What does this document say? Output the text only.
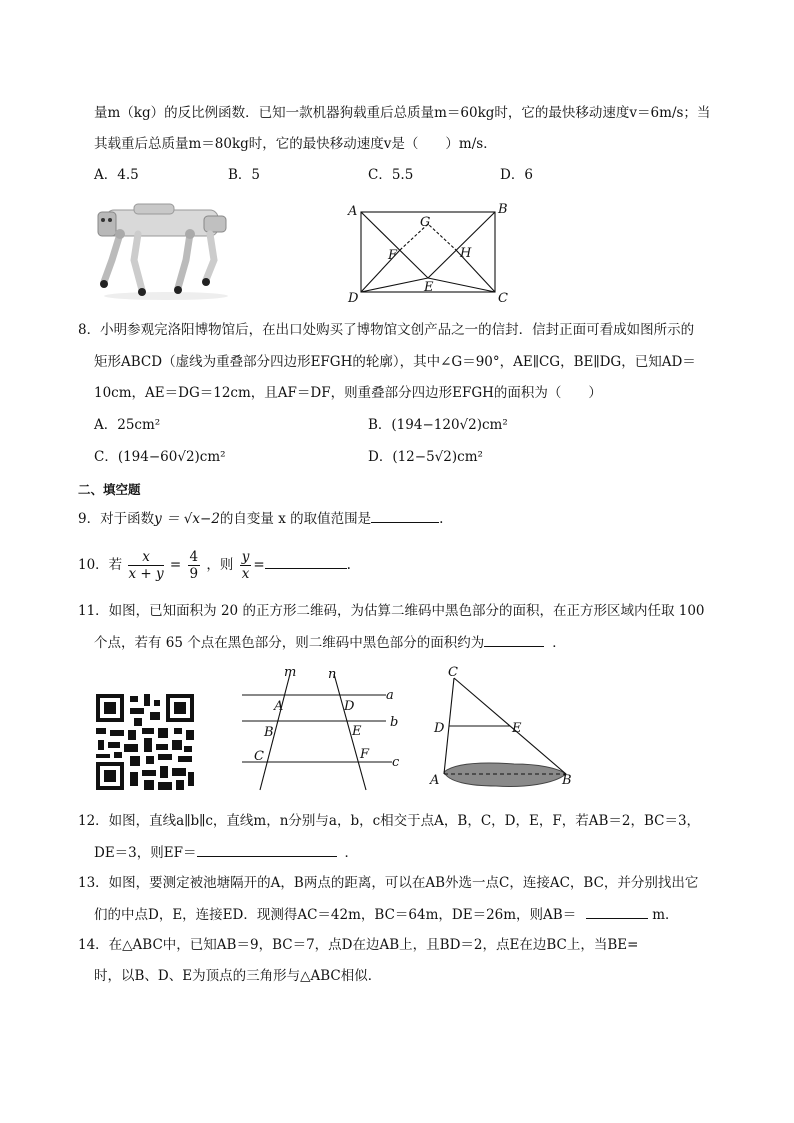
量m（kg）的反比例函数．已知一款机器狗载重后总质量m＝60kg时，它的最快移动速度v＝6m/s；当
其载重后总质量m＝80kg时，它的最快移动速度v是（　　）m/s．
A．4.5	B．5	C．5.5	D．6
A	B
C
D
E
F
G
H
8．小明参观完洛阳博物馆后，在出口处购买了博物馆文创产品之一的信封．信封正面可看成如图所示的
矩形ABCD（虚线为重叠部分四边形EFGH的轮廓），其中∠G＝90°，AE∥CG，BE∥DG，已知AD＝
10cm，AE＝DG＝12cm，且AF＝DF，则重叠部分四边形EFGH的面积为（　　）
A．25cm²	B．(194−120√2)cm²
C．(194−60√2)cm²	D．(12−5√2)cm²
二、填空题
9．对于函数y ＝ √x−2的自变量 x 的取值范围是	.
10．若 $\frac{x}{x + y} = \frac{4}{9}$ ，则 $\frac{y}{x}$ =	.
11．如图，已知面积为 20 的正方形二维码，为估算二维码中黑色部分的面积，在正方形区域内任取 100
个点，若有 65 个点在黑色部分，则二维码中黑色部分的面积约为	．
m n
a
b
c
A
B
C
D
E
F
C
D	E
A	B
12．如图，直线a∥b∥c，直线m，n分别与a，b，c相交于点A，B，C，D，E，F，若AB＝2，BC＝3，
DE＝3，则EF＝	．
13．如图，要测定被池塘隔开的A，B两点的距离，可以在AB外选一点C，连接AC，BC，并分别找出它
们的中点D，E，连接ED．现测得AC＝42m，BC＝64m，DE＝26m，则AB＝	m．
14．在△ABC中，已知AB＝9，BC＝7，点D在边AB上，且BD＝2，点E在边BC上，当BE=
时，以B、D、E为顶点的三角形与△ABC相似．
